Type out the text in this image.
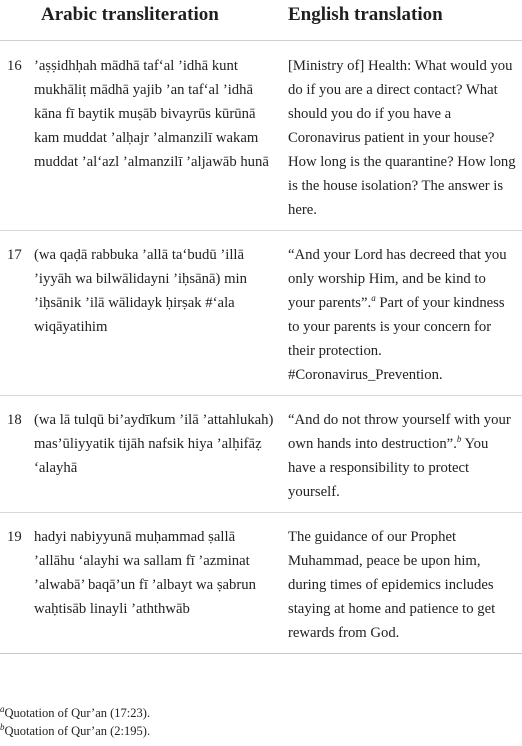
	Arabic transliteration	English translation
16	’aṣṣidhḥah mādhā taf‘al ’idhā kunt mukhāliṭ mādhā yajib ’an taf‘al ’idhā kāna fī baytik muṣāb bivayrūs kūrūnā kam muddat ’alḥajr ’almanzilī wakam muddat ’al‘azl ’almanzilī ’aljawāb hunā	[Ministry of] Health: What would you do if you are a direct contact? What should you do if you have a Coronavirus patient in your house? How long is the quarantine? How long is the house isolation? The answer is here.
17	(wa qaḍā rabbuka ’allā ta‘budū ’illā ’iyyāh wa bilwālidayni ’iḥsānā) min ’iḥsānik ’ilā wālidayk ḥirṣak #‘ala wiqāyatihim	“And your Lord has decreed that you only worship Him, and be kind to your parents”.$^a$ Part of your kindness to your parents is your concern for their protection. #Coronavirus_Prevention.
18	(wa lā tulqū bi’aydīkum ’ilā ’attahlukah) mas’ūliyyatik tijāh nafsik hiya ’alḥifāẓ ‘alayhā	“And do not throw yourself with your own hands into destruction”.$^b$ You have a responsibility to protect yourself.
19	hadyi nabiyyunā muḥammad ṣallā ’allāhu ‘alayhi wa sallam fī ’azminat ’alwabā’ baqā’un fī ’albayt wa ṣabrun waḥtisāb linayli ’aththwāb	The guidance of our Prophet Muhammad, peace be upon him, during times of epidemics includes staying at home and patience to get rewards from God.
$^a$Quotation of Qur’an (17:23).
$^b$Quotation of Qur’an (2:195).
